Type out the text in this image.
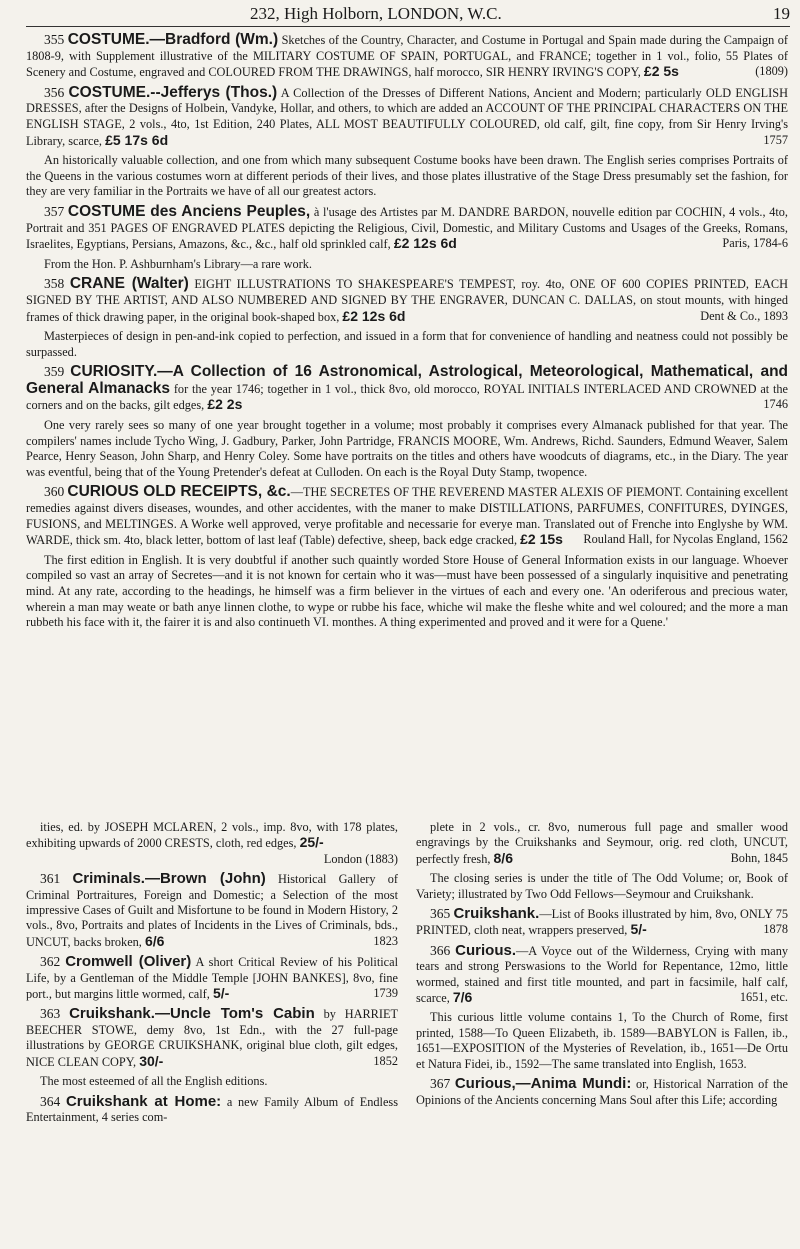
232, High Holborn, LONDON, W.C.	19

355 COSTUME.—Bradford (Wm.) Sketches of the Country, Character, and Costume in Portugal and Spain made during the Campaign of 1808-9, with Supplement illustrative of the MILITARY COSTUME OF SPAIN, PORTUGAL, and FRANCE; together in 1 vol., folio, 55 Plates of Scenery and Costume, engraved and COLOURED FROM THE DRAWINGS, half morocco, SIR HENRY IRVING'S COPY, £2 5s	(1809)

356 COSTUME.--Jefferys (Thos.) A Collection of the Dresses of Different Nations, Ancient and Modern; particularly OLD ENGLISH DRESSES, after the Designs of Holbein, Vandyke, Hollar, and others, to which are added an ACCOUNT OF THE PRINCIPAL CHARACTERS ON THE ENGLISH STAGE, 2 vols., 4to, 1st Edition, 240 Plates, ALL MOST BEAUTIFULLY COLOURED, old calf, gilt, fine copy, from Sir Henry Irving's Library, scarce, £5 17s 6d	1757

An historically valuable collection, and one from which many subsequent Costume books have been drawn. The English series comprises Portraits of the Queens in the various costumes worn at different periods of their lives, and those plates illustrative of the Stage Dress presumably set the fashion, for they are very familiar in the Portraits we have of all our greatest actors.

357 COSTUME des Anciens Peuples, à l'usage des Artistes par M. DANDRE BARDON, nouvelle edition par COCHIN, 4 vols., 4to, Portrait and 351 PAGES OF ENGRAVED PLATES depicting the Religious, Civil, Domestic, and Military Customs and Usages of the Greeks, Romans, Israelites, Egyptians, Persians, Amazons, &c., &c., half old sprinkled calf, £2 12s 6d	Paris, 1784-6

From the Hon. P. Ashburnham's Library—a rare work.

358 CRANE (Walter) EIGHT ILLUSTRATIONS TO SHAKESPEARE'S TEMPEST, roy. 4to, ONE OF 600 COPIES PRINTED, EACH SIGNED BY THE ARTIST, AND ALSO NUMBERED AND SIGNED BY THE ENGRAVER, DUNCAN C. DALLAS, on stout mounts, with hinged frames of thick drawing paper, in the original book-shaped box, £2 12s 6d	Dent & Co., 1893

Masterpieces of design in pen-and-ink copied to perfection, and issued in a form that for convenience of handling and neatness could not possibly be surpassed.

359 CURIOSITY.—A Collection of 16 Astronomical, Astrological, Meteorological, Mathematical, and General Almanacks for the year 1746; together in 1 vol., thick 8vo, old morocco, ROYAL INITIALS INTERLACED AND CROWNED at the corners and on the backs, gilt edges, £2 2s	1746

One very rarely sees so many of one year brought together in a volume; most probably it comprises every Almanack published for that year. The compilers' names include Tycho Wing, J. Gadbury, Parker, John Partridge, FRANCIS MOORE, Wm. Andrews, Richd. Saunders, Edmund Weaver, Salem Pearce, Henry Season, John Sharp, and Henry Coley. Some have portraits on the titles and others have woodcuts of diagrams, etc., in the Diary. The year was eventful, being that of the Young Pretender's defeat at Culloden. On each is the Royal Duty Stamp, twopence.

360 CURIOUS OLD RECEIPTS, &c.—THE SECRETES OF THE REVEREND MASTER ALEXIS OF PIEMONT. Containing excellent remedies against divers diseases, woundes, and other accidentes, with the maner to make DISTILLATIONS, PARFUMES, CONFITURES, DYINGES, FUSIONS, and MELTINGES. A Worke well approved, verye profitable and necessarie for everye man. Translated out of Frenche into Englyshe by WM. WARDE, thick sm. 4to, black letter, bottom of last leaf (Table) defective, sheep, back edge cracked, £2 15s	Rouland Hall, for Nycolas England, 1562

The first edition in English. It is very doubtful if another such quaintly worded Store House of General Information exists in our language. Whoever compiled so vast an array of Secretes—and it is not known for certain who it was—must have been possessed of a singularly inquisitive and penetrating mind. At any rate, according to the headings, he himself was a firm believer in the virtues of each and every one. 'An oderiferous and precious water, wherein a man may weate or bath anye linnen clothe, to wype or rubbe his face, whiche wil make the fleshe white and wel coloured; and the more a man rubbeth his face with it, the fairer it is and also continueth VI. monthes. A thing experimented and proved and it were for a Quene.'

ities, ed. by JOSEPH MCLAREN, 2 vols., imp. 8vo, with 178 plates, exhibiting upwards of 2000 CRESTS, cloth, red edges, 25/-
London (1883)

361 Criminals.—Brown (John) Historical Gallery of Criminal Portraitures, Foreign and Domestic; a Selection of the most impressive Cases of Guilt and Misfortune to be found in Modern History, 2 vols., 8vo, Portraits and plates of Incidents in the Lives of Criminals, bds., UNCUT, backs broken, 6/6	1823

362 Cromwell (Oliver) A short Critical Review of his Political Life, by a Gentleman of the Middle Temple [JOHN BANKES], 8vo, fine port., but margins little wormed, calf, 5/-	1739

363 Cruikshank.—Uncle Tom's Cabin by HARRIET BEECHER STOWE, demy 8vo, 1st Edn., with the 27 full-page illustrations by GEORGE CRUIKSHANK, original blue cloth, gilt edges, NICE CLEAN COPY, 30/-	1852

The most esteemed of all the English editions.

364 Cruikshank at Home: a new Family Album of Endless Entertainment, 4 series com-

plete in 2 vols., cr. 8vo, numerous full page and smaller wood engravings by the Cruikshanks and Seymour, orig. red cloth, UNCUT, perfectly fresh, 8/6	Bohn, 1845

The closing series is under the title of The Odd Volume; or, Book of Variety; illustrated by Two Odd Fellows—Seymour and Cruikshank.

365 Cruikshank.—List of Books illustrated by him, 8vo, ONLY 75 PRINTED, cloth neat, wrappers preserved, 5/-	1878

366 Curious.—A Voyce out of the Wilderness, Crying with many tears and strong Perswasions to the World for Repentance, 12mo, little wormed, stained and first title mounted, and part in facsimile, half calf, scarce, 7/6	1651, etc.

This curious little volume contains 1, To the Church of Rome, first printed, 1588—To Queen Elizabeth, ib. 1589—BABYLON is Fallen, ib., 1651—EXPOSITION of the Mysteries of Revelation, ib., 1651—De Ortu et Natura Fidei, ib., 1592—The same translated into English, 1653.

367 Curious,—Anima Mundi: or, Historical Narration of the Opinions of the Ancients concerning Mans Soul after this Life; according
